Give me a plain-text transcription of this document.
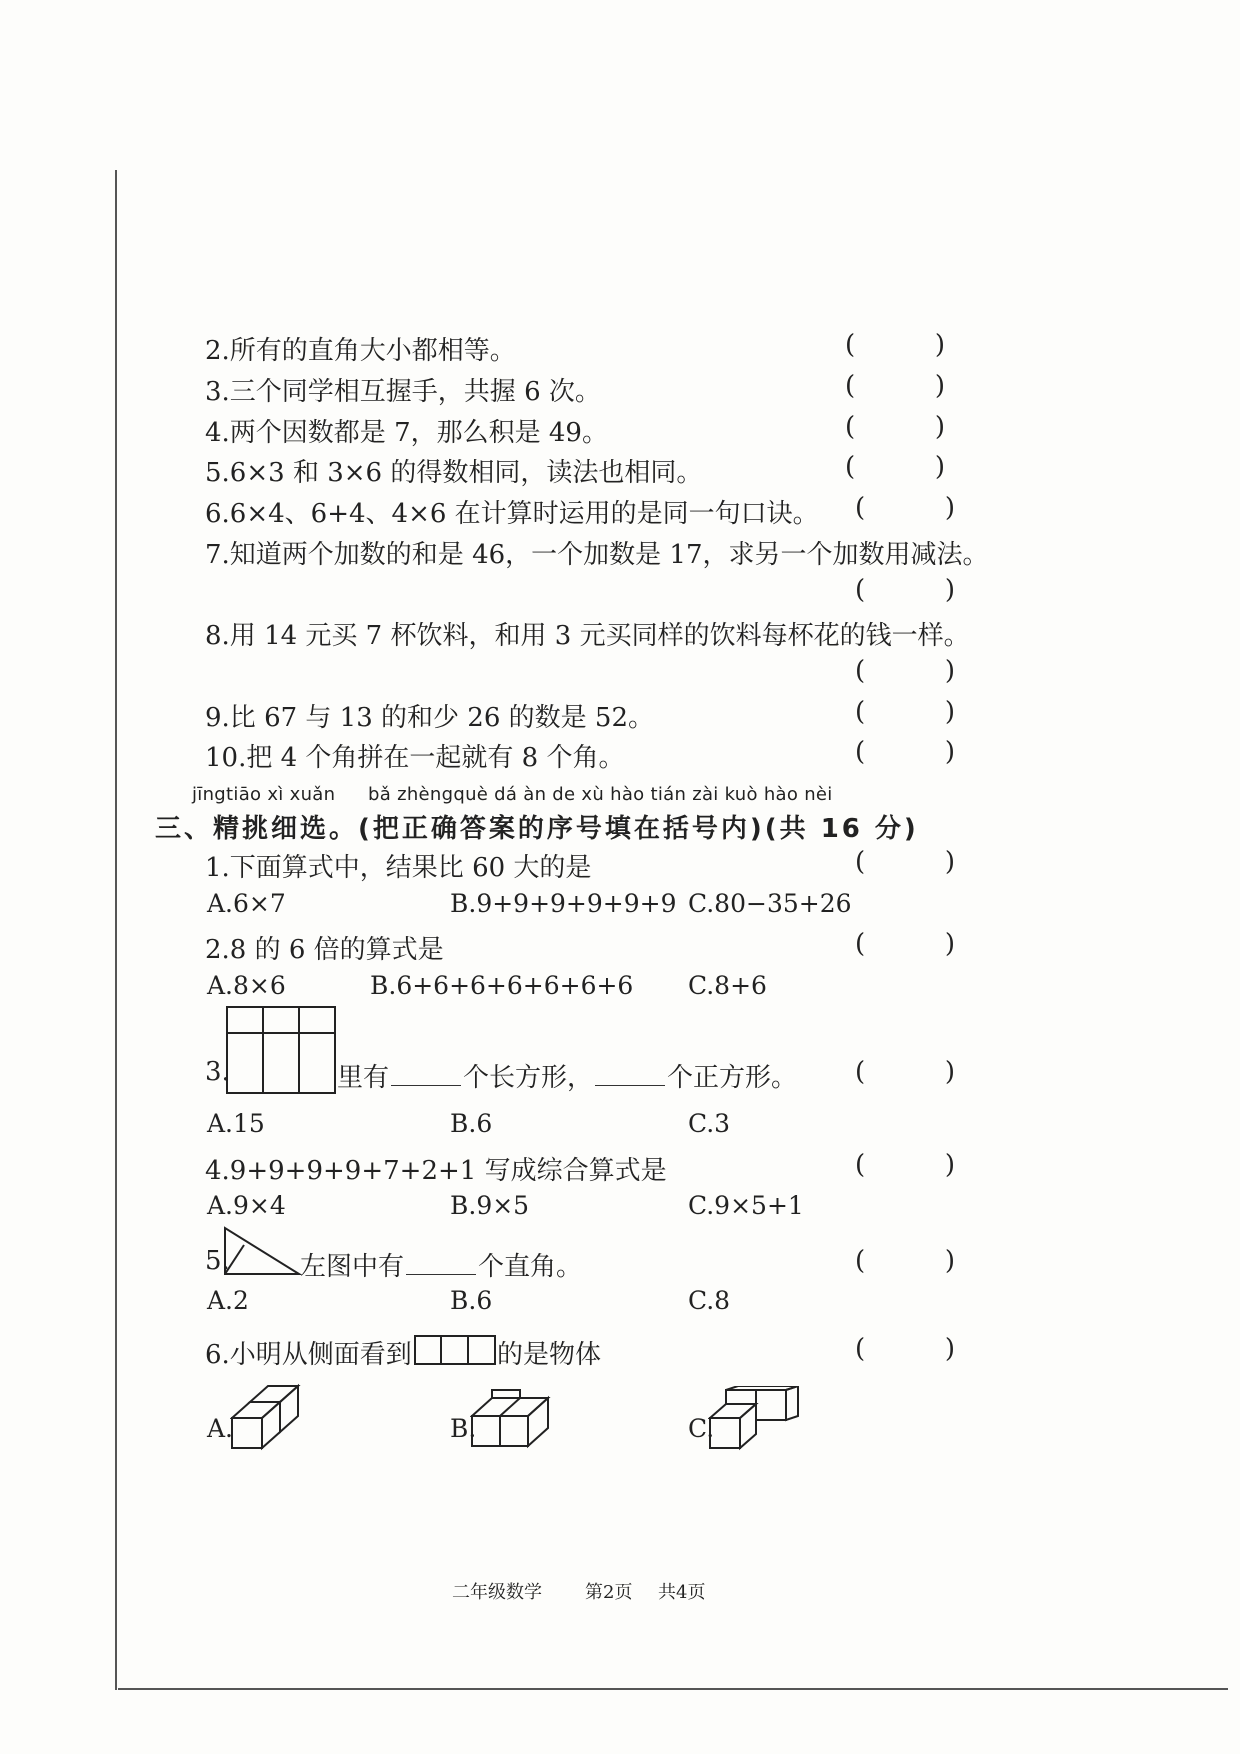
2.所有的直角大小都相等。	(	)
3.三个同学相互握手，共握 6 次。	(	)
4.两个因数都是 7，那么积是 49。	(	)
5.6×3 和 3×6 的得数相同，读法也相同。	(	)
6.6×4、6+4、4×6 在计算时运用的是同一句口诀。 (	)
7.知道两个加数的和是 46，一个加数是 17，求另一个加数用减法。
(	)
8.用 14 元买 7 杯饮料，和用 3 元买同样的饮料每杯花的钱一样。
(	)
9.比 67 与 13 的和少 26 的数是 52。	(	)
10.把 4 个角拼在一起就有 8 个角。	(	)
jīngtiāo xì xuǎn bǎ zhèngquè dá àn de xù hào tián zài kuò hào nèi
三、精挑细选。(把正确答案的序号填在括号内)(共 16 分)
1.下面算式中，结果比 60 大的是	(	)
A.6×7	B.9+9+9+9+9+9 C.80−35+26
2.8 的 6 倍的算式是	(	)
A.8×6	B.6+6+6+6+6+6+6 C.8+6
3.	里有	个长方形，	个正方形。 (	)
A.15	B.6	C.3
4.9+9+9+9+7+2+1 写成综合算式是	(	)
A.9×4	B.9×5	C.9×5+1
5.	左图中有	个直角。	(	)
A.2	B.6	C.8
6.小明从侧面看到	的是物体	(	)
A.	B.	C.
二年级数学 第2页 共4页
